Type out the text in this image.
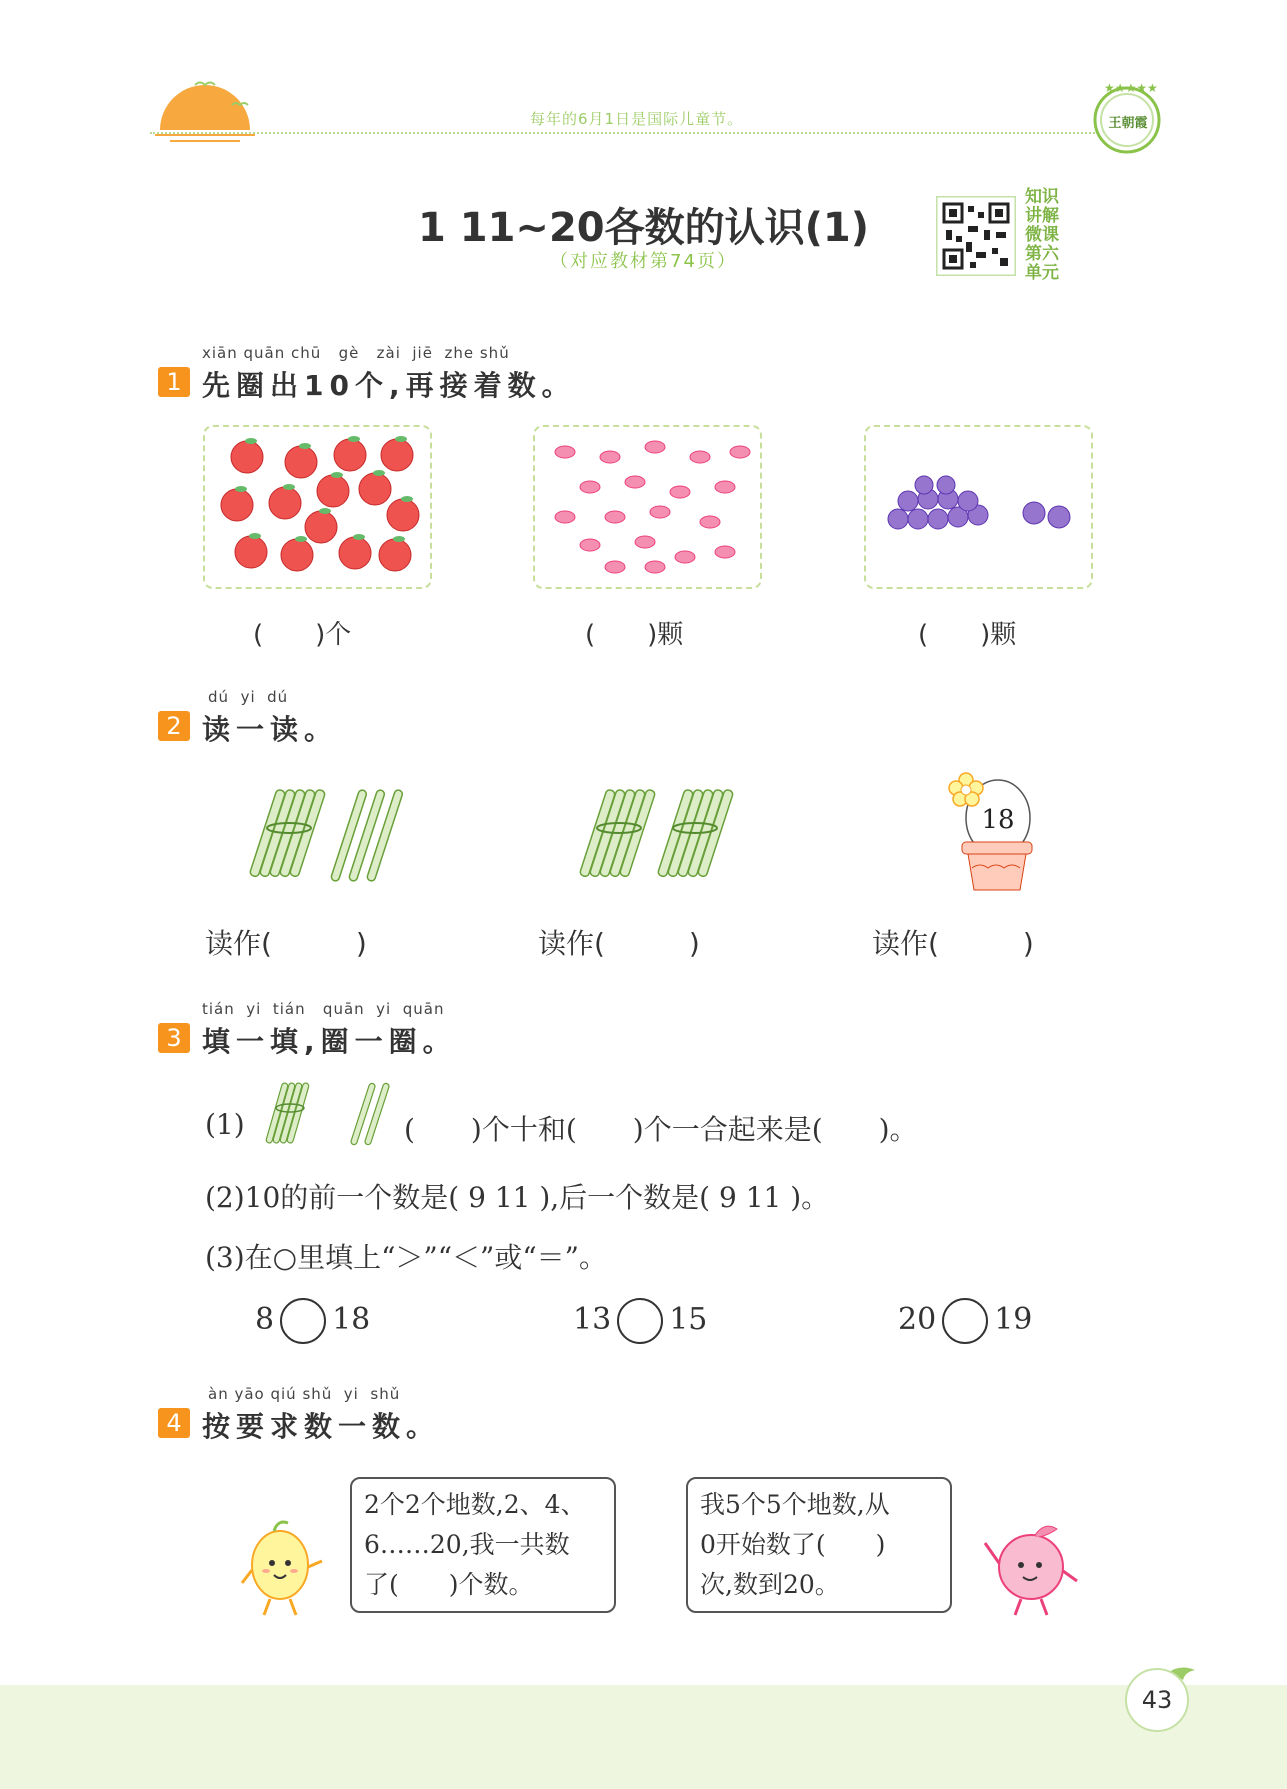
每年的6月1日是国际儿童节。
★★★★★
王朝霞
1 11~20各数的认识(1)
（对应教材第74页）
知识讲解微课 第六单元
xiān quān chū   gè   zài  jiē  zhe shǔ
1 先圈出10个,再接着数。
(　　)个	(　　)颗	(　　)颗
dú  yi  dú
2 读一读。
18
读作(　　　)	读作(　　　)	读作(　　　)
tián  yi  tián   quān  yi  quān
3 填一填,圈一圈。
(1)	(　　)个十和(　　)个一合起来是(　　)。
(2)10的前一个数是( 9 11 ),后一个数是( 9 11 )。
(3)在○里填上“＞”“＜”或“＝”。
8 18	13 15	20 19
àn yāo qiú shǔ  yi  shǔ
4 按要求数一数。
2个2个地数,2、4、
6……20,我一共数
了(　　)个数。
我5个5个地数,从
0开始数了(　　)
次,数到20。
43
